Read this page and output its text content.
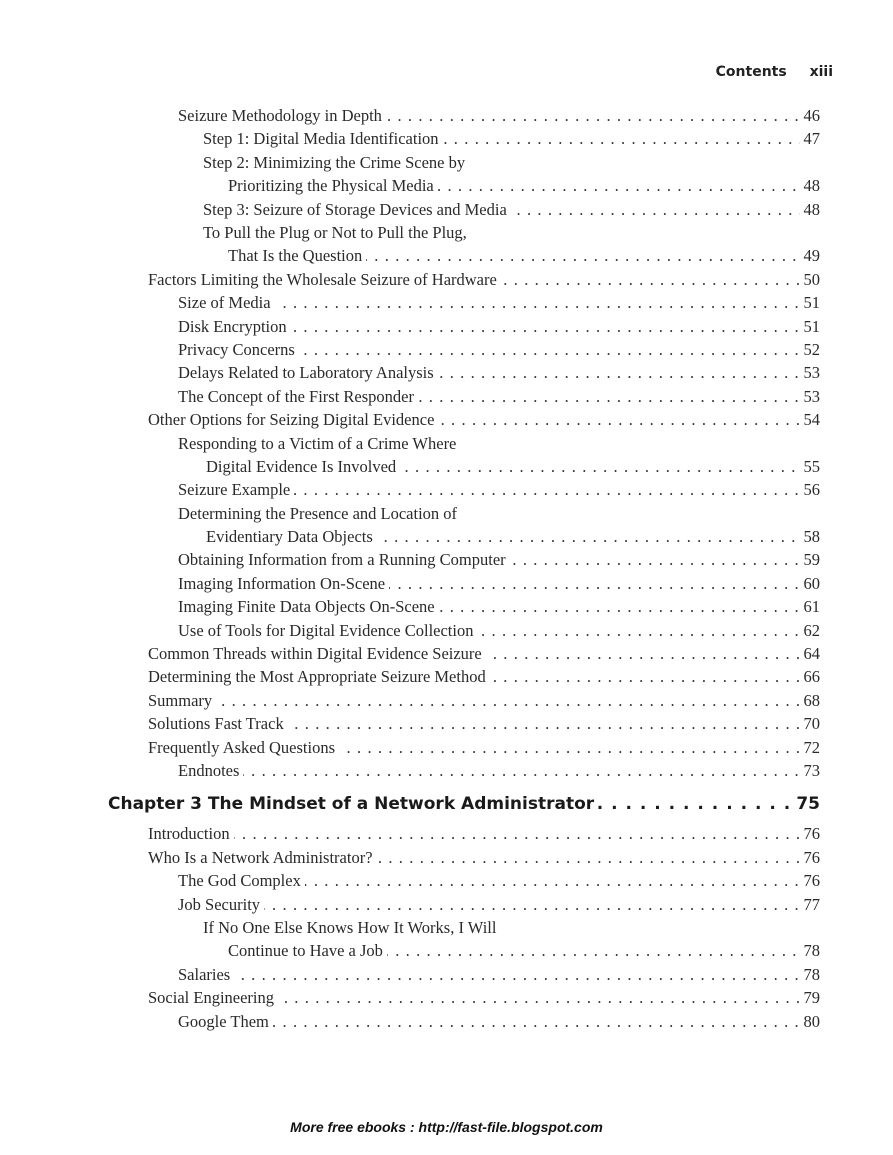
Contents xiii
. . . Seizure Methodology in Depth	46
. . . Step 1: Digital Media Identification	47
Step 2: Minimizing the Crime Scene by
. . . Prioritizing the Physical Media	48
. . . Step 3: Seizure of Storage Devices and Media	48
To Pull the Plug or Not to Pull the Plug,
. . . That Is the Question	49
. . . Factors Limiting the Wholesale Seizure of Hardware	50
. . . Size of Media	51
. . . Disk Encryption	51
. . . Privacy Concerns	52
. . . Delays Related to Laboratory Analysis	53
. . . The Concept of the First Responder	53
. . . Other Options for Seizing Digital Evidence	54
Responding to a Victim of a Crime Where
. . . Digital Evidence Is Involved	55
. . . Seizure Example	56
Determining the Presence and Location of
. . . Evidentiary Data Objects	58
. . . Obtaining Information from a Running Computer	59
. . . Imaging Information On-Scene	60
. . . Imaging Finite Data Objects On-Scene	61
. . . Use of Tools for Digital Evidence Collection	62
. . . Common Threads within Digital Evidence Seizure	64
. . . Determining the Most Appropriate Seizure Method	66
. . . Summary	68
. . . Solutions Fast Track	70
. . . Frequently Asked Questions	72
. . . Endnotes	73
. . .
Chapter 3 The Mindset of a Network Administrator	75
. . . Introduction	76
. . . Who Is a Network Administrator?	76
. . . The God Complex	76
. . . Job Security	77
If No One Else Knows How It Works, I Will
. . . Continue to Have a Job	78
. . . Salaries	78
. . . Social Engineering	79
. . . Google Them	80
More free ebooks : http://fast-file.blogspot.com
